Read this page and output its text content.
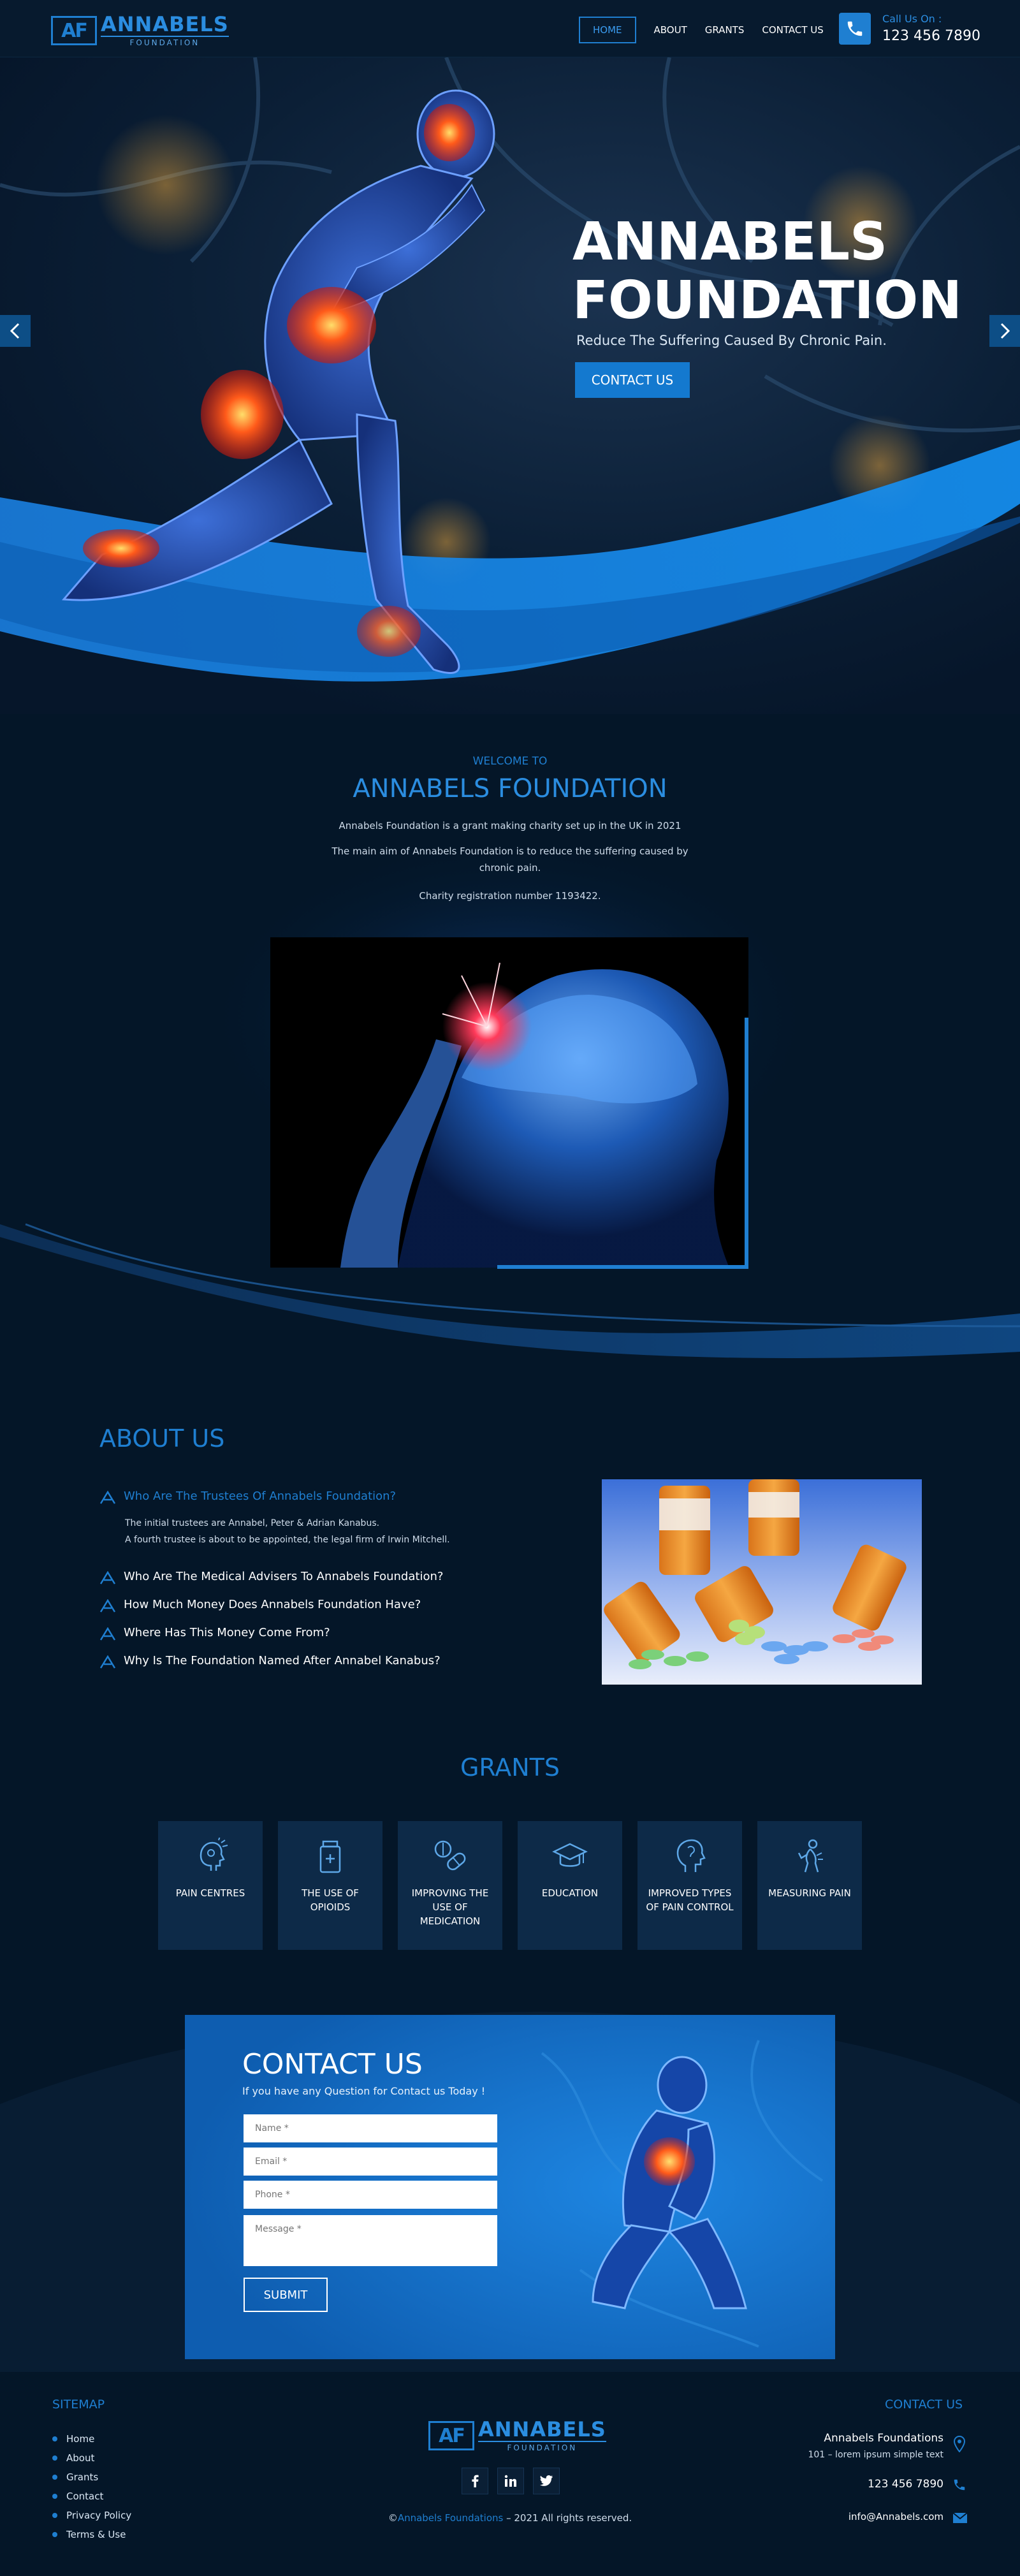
AF ANNABELS
FOUNDATION
HOME	ABOUT	GRANTS	CONTACT US
Call Us On :
123 456 7890
ANNABELS
FOUNDATION
Reduce The Suffering Caused By Chronic Pain.
CONTACT US
WELCOME TO
ANNABELS FOUNDATION
Annabels Foundation is a grant making charity set up in the UK in 2021
The main aim of Annabels Foundation is to reduce the suffering caused by chronic pain.
Charity registration number 1193422.
ABOUT US
Who Are The Trustees Of Annabels Foundation?
The initial trustees are Annabel, Peter & Adrian Kanabus.
A fourth trustee is about to be appointed, the legal firm of Irwin Mitchell.
Who Are The Medical Advisers To Annabels Foundation?
How Much Money Does Annabels Foundation Have?
Where Has This Money Come From?
Why Is The Foundation Named After Annabel Kanabus?
GRANTS
PAIN CENTRES	THE USE OF OPIOIDS
IMPROVING THE USE OF MEDICATION
EDUCATION	IMPROVED TYPES OF PAIN CONTROL
MEASURING PAIN
CONTACT US
If you have any Question for Contact us Today !
Name *
Email *
Phone *
Message *
SUBMIT
SITEMAP
Home
About
Grants
Contact
Privacy Policy
Terms & Use
AF ANNABELS
FOUNDATION
©Annabels Foundations – 2021 All rights reserved.
CONTACT US
Annabels Foundations
101 – lorem ipsum simple text
123 456 7890
info@Annabels.com
